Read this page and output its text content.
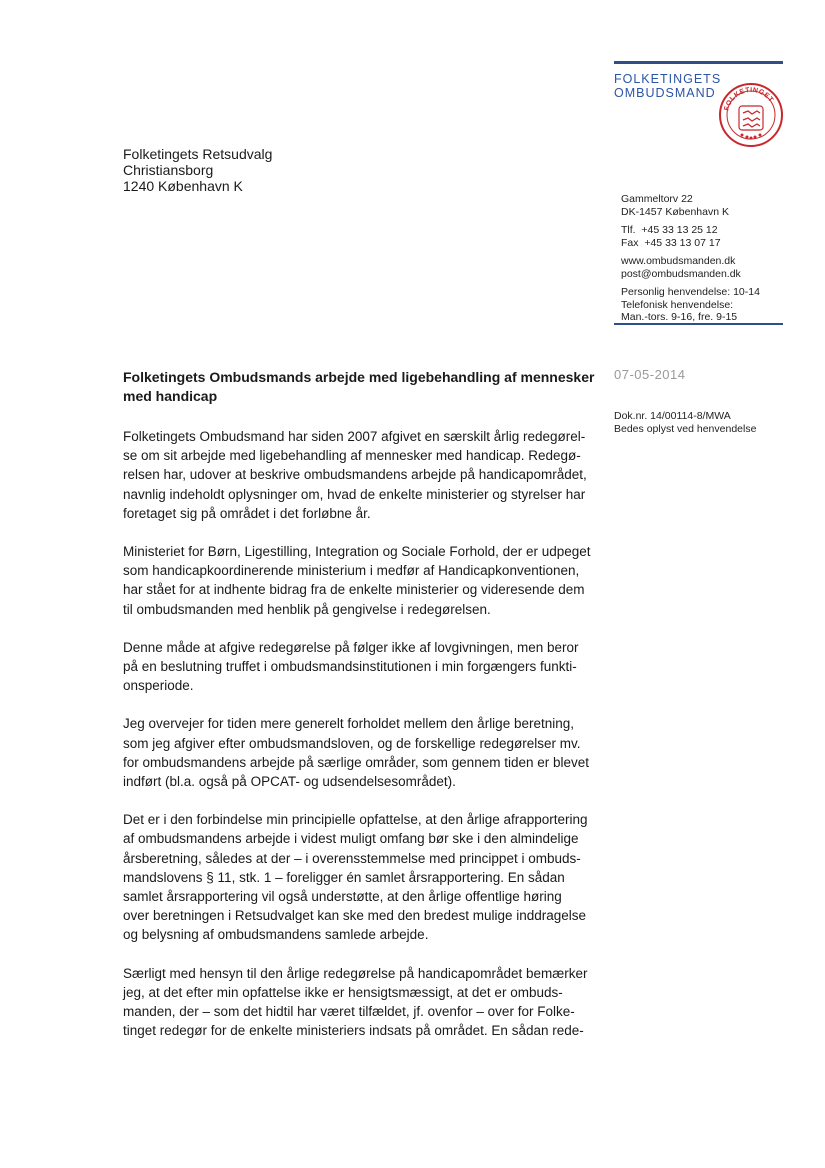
FOLKETINGETS
OMBUDSMAND
FOLKETINGET
Folketingets Retsudvalg
Christiansborg
1240 København K
Gammeltorv 22
DK-1457 København K
Tlf.  +45 33 13 25 12
Fax  +45 33 13 07 17
www.ombudsmanden.dk
post@ombudsmanden.dk
Personlig henvendelse: 10-14
Telefonisk henvendelse:
Man.-tors. 9-16, fre. 9-15
07-05-2014
Dok.nr. 14/00114-8/MWA
Bedes oplyst ved henvendelse
Folketingets Ombudsmands arbejde med ligebehandling af mennesker
med handicap
Folketingets Ombudsmand har siden 2007 afgivet en særskilt årlig redegørel-
se om sit arbejde med ligebehandling af mennesker med handicap. Redegø-
relsen har, udover at beskrive ombudsmandens arbejde på handicapområdet,
navnlig indeholdt oplysninger om, hvad de enkelte ministerier og styrelser har
foretaget sig på området i det forløbne år.
Ministeriet for Børn, Ligestilling, Integration og Sociale Forhold, der er udpeget
som handicapkoordinerende ministerium i medfør af Handicapkonventionen,
har stået for at indhente bidrag fra de enkelte ministerier og videresende dem
til ombudsmanden med henblik på gengivelse i redegørelsen.
Denne måde at afgive redegørelse på følger ikke af lovgivningen, men beror
på en beslutning truffet i ombudsmandsinstitutionen i min forgængers funkti-
onsperiode.
Jeg overvejer for tiden mere generelt forholdet mellem den årlige beretning,
som jeg afgiver efter ombudsmandsloven, og de forskellige redegørelser mv.
for ombudsmandens arbejde på særlige områder, som gennem tiden er blevet
indført (bl.a. også på OPCAT- og udsendelsesområdet).
Det er i den forbindelse min principielle opfattelse, at den årlige afrapportering
af ombudsmandens arbejde i videst muligt omfang bør ske i den almindelige
årsberetning, således at der – i overensstemmelse med princippet i ombuds-
mandslovens § 11, stk. 1 – foreligger én samlet årsrapportering. En sådan
samlet årsrapportering vil også understøtte, at den årlige offentlige høring
over beretningen i Retsudvalget kan ske med den bredest mulige inddragelse
og belysning af ombudsmandens samlede arbejde.
Særligt med hensyn til den årlige redegørelse på handicapområdet bemærker
jeg, at det efter min opfattelse ikke er hensigtsmæssigt, at det er ombuds-
manden, der – som det hidtil har været tilfældet, jf. ovenfor – over for Folke-
tinget redegør for de enkelte ministeriers indsats på området. En sådan rede-
